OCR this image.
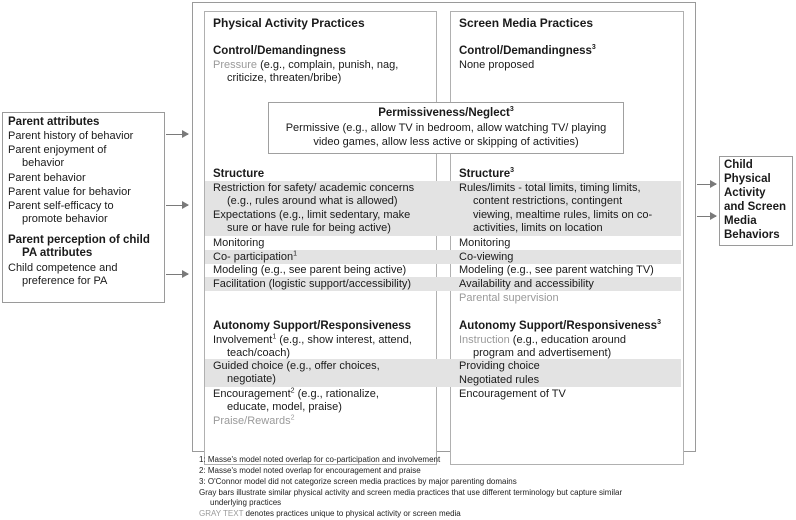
Parent attributes
Parent history of behavior
Parent enjoyment of
behavior
Parent behavior
Parent value for behavior
Parent self-efficacy to
promote behavior
Parent perception of child
PA attributes
Child competence and
preference for PA
Physical Activity Practices
Control/Demandingness
Pressure (e.g., complain, punish, nag,
criticize, threaten/bribe)
Structure
Restriction for safety/ academic concerns
(e.g., rules around what is allowed)
Expectations (e.g., limit sedentary, make
sure or have rule for being active)
Monitoring
Co- participation$^1$
Modeling (e.g., see parent being active)
Facilitation (logistic support/accessibility)
Autonomy Support/Responsiveness
Involvement$^1$ (e.g., show interest, attend,
teach/coach)
Guided choice (e.g., offer choices,
negotiate)
Encouragement$^2$ (e.g., rationalize,
educate, model, praise)
Praise/Rewards$^2$
Screen Media Practices
Control/Demandingness$^3$
None proposed
Structure$^3$
Rules/limits - total limits, timing limits,
content restrictions, contingent
viewing, mealtime rules, limits on co-
activities, limits on location
Monitoring
Co-viewing
Modeling (e.g., see parent watching TV)
Availability and accessibility
Parental supervision
Autonomy Support/Responsiveness$^3$
Instruction (e.g., education around
program and advertisement)
Providing choice
Negotiated rules
Encouragement of TV
Permissiveness/Neglect$^3$
Permissive (e.g., allow TV in bedroom, allow watching TV/ playing
video games, allow less active or skipping of activities)
Child
Physical
Activity
and Screen
Media
Behaviors
1: Masse's model noted overlap for co-participation and involvement
2: Masse's model noted overlap for encouragement and praise
3: O'Connor model did not categorize screen media practices by major parenting domains
Gray bars illustrate similar physical activity and screen media practices that use different terminology but capture similar
underlying practices
GRAY TEXT denotes practices unique to physical activity or screen media
